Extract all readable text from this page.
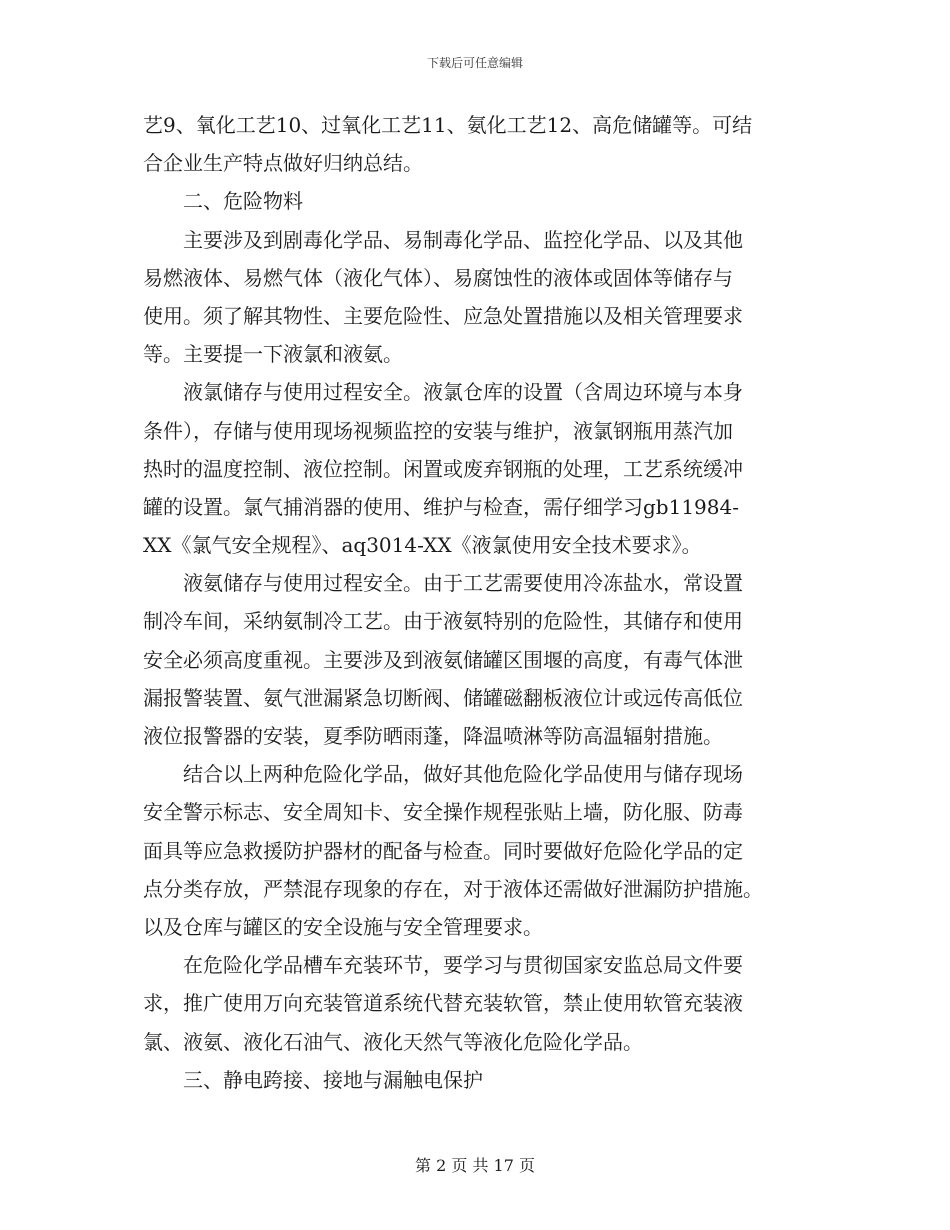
下载后可任意编辑
艺9、氧化工艺10、过氧化工艺11、氨化工艺12、高危储罐等。可结
合企业生产特点做好归纳总结。
　　二、危险物料
　　主要涉及到剧毒化学品、易制毒化学品、监控化学品、以及其他
易燃液体、易燃气体（液化气体）、易腐蚀性的液体或固体等储存与
使用。须了解其物性、主要危险性、应急处置措施以及相关管理要求
等。主要提一下液氯和液氨。
　　液氯储存与使用过程安全。液氯仓库的设置（含周边环境与本身
条件），存储与使用现场视频监控的安装与维护，液氯钢瓶用蒸汽加
热时的温度控制、液位控制。闲置或废弃钢瓶的处理，工艺系统缓冲
罐的设置。氯气捕消器的使用、维护与检查，需仔细学习gb11984-
XX《氯气安全规程》、aq3014-XX《液氯使用安全技术要求》。
　　液氨储存与使用过程安全。由于工艺需要使用冷冻盐水，常设置
制冷车间，采纳氨制冷工艺。由于液氨特别的危险性，其储存和使用
安全必须高度重视。主要涉及到液氨储罐区围堰的高度，有毒气体泄
漏报警装置、氨气泄漏紧急切断阀、储罐磁翻板液位计或远传高低位
液位报警器的安装，夏季防晒雨蓬，降温喷淋等防高温辐射措施。
　　结合以上两种危险化学品，做好其他危险化学品使用与储存现场
安全警示标志、安全周知卡、安全操作规程张贴上墙，防化服、防毒
面具等应急救援防护器材的配备与检查。同时要做好危险化学品的定
点分类存放，严禁混存现象的存在，对于液体还需做好泄漏防护措施。
以及仓库与罐区的安全设施与安全管理要求。
　　在危险化学品槽车充装环节，要学习与贯彻国家安监总局文件要
求，推广使用万向充装管道系统代替充装软管，禁止使用软管充装液
氯、液氨、液化石油气、液化天然气等液化危险化学品。
　　三、静电跨接、接地与漏触电保护
第 2 页 共 17 页
